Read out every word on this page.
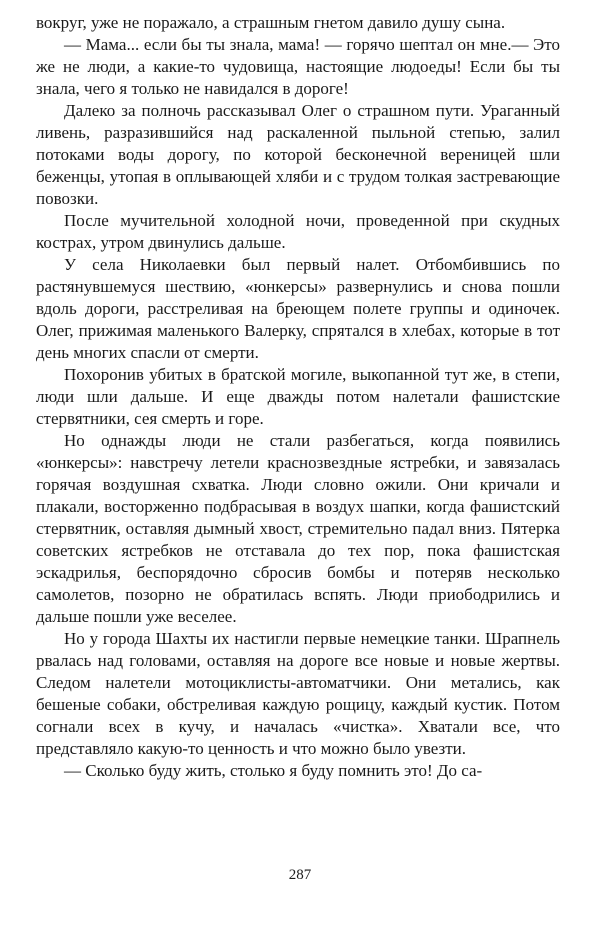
вокруг, уже не поражало, а страшным гнетом давило душу сына.

— Мама... если бы ты знала, мама! — горячо шептал он мне.— Это же не люди, а какие-то чудовища, настоящие людоеды! Если бы ты знала, чего я только не навидался в дороге!

Далеко за полночь рассказывал Олег о страшном пути. Ураганный ливень, разразившийся над раскаленной пыльной степью, залил потоками воды дорогу, по которой бесконечной вереницей шли беженцы, утопая в оплывающей хляби и с трудом толкая застревающие повозки.

После мучительной холодной ночи, проведенной при скудных кострах, утром двинулись дальше.

У села Николаевки был первый налет. Отбомбившись по растянувшемуся шествию, «юнкерсы» развернулись и снова пошли вдоль дороги, расстреливая на бреющем полете группы и одиночек. Олег, прижимая маленького Валерку, спрятался в хлебах, которые в тот день многих спасли от смерти.

Похоронив убитых в братской могиле, выкопанной тут же, в степи, люди шли дальше. И еще дважды потом налетали фашистские стервятники, сея смерть и горе.

Но однажды люди не стали разбегаться, когда появились «юнкерсы»: навстречу летели краснозвездные ястребки, и завязалась горячая воздушная схватка. Люди словно ожили. Они кричали и плакали, восторженно подбрасывая в воздух шапки, когда фашистский стервятник, оставляя дымный хвост, стремительно падал вниз. Пятерка советских ястребков не отставала до тех пор, пока фашистская эскадрилья, беспорядочно сбросив бомбы и потеряв несколько самолетов, позорно не обратилась вспять. Люди приободрились и дальше пошли уже веселее.

Но у города Шахты их настигли первые немецкие танки. Шрапнель рвалась над головами, оставляя на дороге все новые и новые жертвы. Следом налетели мотоциклисты-автоматчики. Они метались, как бешеные собаки, обстреливая каждую рощицу, каждый кустик. Потом согнали всех в кучу, и началась «чистка». Хватали все, что представляло какую-то ценность и что можно было увезти.

— Сколько буду жить, столько я буду помнить это! До са-

287
